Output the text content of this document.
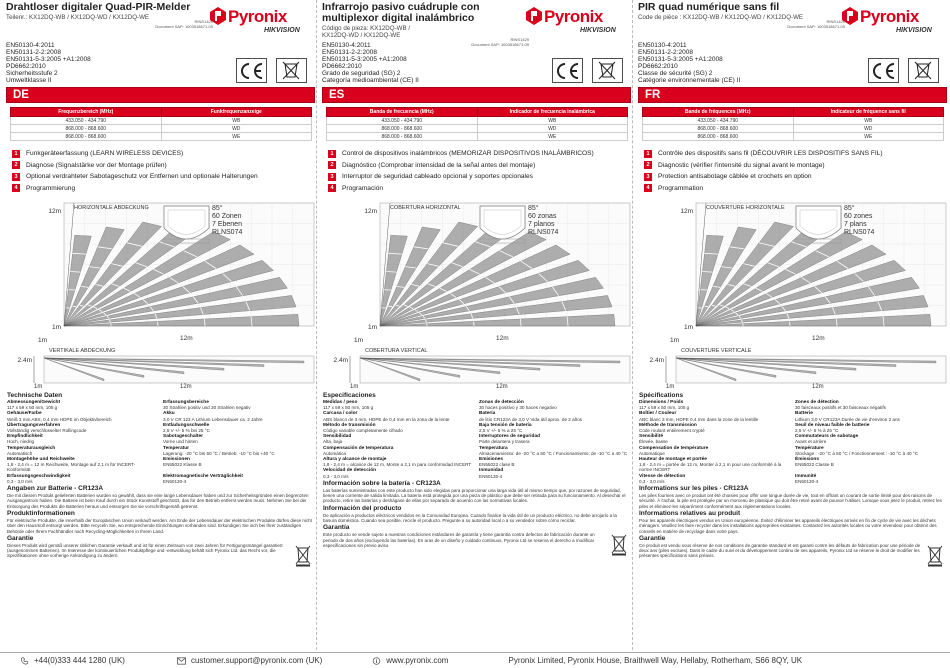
Drahtloser digitaler Quad-PIR-Melder
Teilenr.: KX12DQ-WB / KX12DQ-WD / KX12DQ-WE
RINS1429
Document SAP: 1003518671-09
Pyronix
HIKVISION
EN50130-4:2011
EN50131-2-2:2008
EN50131-5-3:2005 +A1:2008
PD6662:2010
Sicherheitsstufe 2
Umweltklasse II
DE
Frequenzbereich (MHz)	Funkfrequenzanzeige
433.050 - 434.790	WB
868.000 - 868.600	WD
868.000 - 868.600	WE
1	Funkgeräteerfassung (LEARN WIRELESS DEVICES)
2	Diagnose (Signalstärke vor der Montage prüfen)
3	Optional verdrahteter Sabotageschutz vor Entfernen und optionale Halterungen
4	Programmierung
HORIZONTALE ABDECKUNG	85°
60 Zonen
7 Ebenen
RLNS074
12m
1m
1m	12m
VERTIKALE ABDECKUNG
2.4m
1m	12m
Technische Daten
Abmessungen/Gewicht
117 x 59 x 50 mm, 105 g
Erfassungsbereiche
30 Strahlen positiv und 30 Strahlen negativ
Gehäuse/Farbe
Weiß 3 mm ABS, 0,4 mm HDPE im Objektivbereich
Akku
3,0 V CR 123 A Lithium Lebensdauer ca. 2 Jahre
Übertragungsverfahren
Vollständig verschlüsselter Rollingcode
Entladungsschwelle
2,5 V +/- 5 % bei 25 °C
Empfindlichkeit
Hoch, niedrig
Sabotageschalter
Vorne und hinten
Temperaturausgleich
Automatisch
Temperatur
Lagerung: -20 °C bis 50 °C / Betrieb: -10 °C bis +40 °C
Montagehöhe und Reichweite
1,8 - 2,4 m = 12 m Reichweite, Montage auf 2,1 m für INCERT-Konformität
Emissionen
EN55022 Klasse B
Erfassungsgeschwindigkeit
0,3 - 3,0 m/s
Elektromagnetische Verträglichkeit
EN50130-4
Angaben zur Batterie - CR123A
Die mit diesem Produkt gelieferten Batterien wurden so gewählt, dass sie eine lange Lebensdauer haben und zur Sicherheitsgründen einen begrenzten Ausgangsstrom haben. Die Batterie ist beim Kauf durch ein Stück Kunststoff geschützt, das für den Betrieb entfernt werden muss. Nehmen Sie bei der Entsorgung des Produkts die Batterien heraus und entsorgen Sie sie vorschriftsgemäß getrennt.
Produktinformationen
Für elektrische Produkte, die innerhalb der Europäischen Union verkauft werden. Am Ende der Lebensdauer der elektrischen Produkte dürfen diese nicht über den Hausmüll entsorgt werden. Bitte recyceln Sie, wo entsprechende Einrichtungen vorhanden sind. Erkundigen Sie sich bei Ihrer zuständigen Behörde oder Ihrem Fachhändler nach Recycling-Möglichkeiten in Ihrem Land.
Garantie
Dieses Produkt wird gemäß unserer üblichen Garantie verkauft und ist für einen Zeitraum von zwei Jahren für Fertigungsmängel garantiert (ausgenommen Batterien). Im Interesse der kontinuierlichen Produktpflege und -entwicklung behält sich Pyronix Ltd. das Recht vor, die Spezifikationen ohne vorherige Ankündigung zu ändern.
Infrarrojo pasivo cuádruple con multiplexor digital inalámbrico
Código de pieza: KX12DQ-WB /
KX12DQ-WD / KX12DQ-WE
RINS1429
Document SAP: 1003518671-09
Pyronix
HIKVISION
EN50130-4:2011
EN50131-2-2:2008
EN50131-5-3:2005 +A1:2008
PD6662:2010
Grado de seguridad (SG) 2
Categoría medioambiental (CE) II
ES
Banda de frecuencia (MHz)	Indicador de frecuencia inalámbrica
433.050 - 434.790	WB
868.000 - 868.600	WD
868.000 - 868.600	WE
1	Control de dispositivos inalámbricos (MEMORIZAR DISPOSITIVOS INALÁMBRICOS)
2	Diagnóstico (Comprobar intensidad de la señal antes del montaje)
3	Interruptor de seguridad cableado opcional y soportes opcionales
4	Programación
COBERTURA HORIZONTAL	85°
60 zonas
7 planos
RLNS074
12m
1m
1m	12m
COBERTURA VERTICAL
2.4m
1m	12m
Especificaciones
Medidas / peso
117 x 59 x 50 mm, 105 g
Zonas de detección
30 haces positivo y 30 haces negativo
Carcasa / color
ABS blanco de 3 mm, HDPE de 0,4 mm en la zona de la lente
Batería
de litio CR123A de 3,0 V Vida útil aprox. de 2 años
Método de transmisión
Código variable completamente cifrado
Baja tensión de batería
2,5 V +/- 5 % a 25 °C
Sensibilidad
Alta, baja
Interruptores de seguridad
Parte delantera y trasera
Compensación de temperatura
Automática
Temperatura
Almacenamiento: de -20 °C a 50 °C / Funcionamiento: de -10 °C a 40 °C
Altura y alcance de montaje
1,8 - 2,4 m = alcance de 12 m, Monte a 2,1 m para conformidad INCERT
Emisiones
EN55022 clase B
Velocidad de detección
0,3 - 3,0 m/s
Inmunidad
EN50130-4
Información sobre la batería - CR123A
Las baterías suministradas con este producto han sido elegidas para proporcionar una larga vida útil al mismo tiempo que, por razones de seguridad, tienen una corriente de salida limitada. La batería está protegida por una pieza de plástico que debe ser retirada para su funcionamiento. Al desechar el producto, retire las baterías y deshágase de ellas por separado de acuerdo con las normativas locales.
Información del producto
De aplicación a productos eléctricos vendidos en la Comunidad Europea. Cuando finalice la vida útil de un producto eléctrico, no debe arrojarlo a la basura doméstica. Cuando sea posible, recicle el producto. Pregunte a su autoridad local o a su vendedor sobre cómo reciclar.
Garantía
Este producto se vende sujeto a nuestras condiciones estándares de garantía y tiene garantía contra defectos de fabricación durante un periodo de dos años (excluyendo las baterías). En aras de un diseño y cuidado continuos, Pyronix Ltd se reserva el derecho a modificar especificaciones sin previo aviso.
PIR quad numérique sans fil
Code de pièce : KX12DQ-WB / KX12DQ-WD / KX12DQ-WE
RINS1429
Document SAP: 1003518671-09
Pyronix
HIKVISION
EN50130-4:2011
EN50131-2-2:2008
EN50131-5-3:2005 +A1:2008
PD6662:2010
Classe de sécurité (SG) 2
Catégorie environnementale (CE) II
FR
Bande de fréquences (MHz)	Indicateur de fréquence sans fil
433.050 - 434.790	WB
868.000 - 868.600	WD
868.000 - 868.600	WE
1	Contrôle des dispositifs sans fil (DÉCOUVRIR LES DISPOSITIFS SANS FIL)
2	Diagnostic (vérifier l'intensité du signal avant le montage)
3	Protection antisabotage câblée et crochets en option
4	Programmation
COUVERTURE HORIZONTALE	85°
60 zones
7 plans
RLNS074
12m
1m
1m	12m
COUVERTURE VERTICALE
2.4m
1m	12m
Spécifications
Dimensions / Poids
117 x 59 x 50 mm, 105 g
Zones de détection
30 faisceaux positifs et 30 faisceaux négatifs
Boîtier / Couleur
ABC blanc 3 mm, HDPE 0,4 mm dans la zone de la lentille
Batterie
Lithium 3,0 V CR123A Durée de vie d'environ 2 ans
Méthode de transmission
Code roulant entièrement crypté
Seuil de niveau faible de batterie
2,5 V +/- 5 % à 25 °C
Sensibilité
Élevée, basse
Commutateurs de sabotage
Avant et arrière
Compensation de température
Automatique
Température
Stockage : -20 °C à 50 °C / Fonctionnement : -10 °C à 40 °C
Hauteur de montage et portée
1,8 - 2,4 m = portée de 12 m, Monter à 2,1 m pour une conformité à la norme INCERT
Émissions
EN55022 Classe B
Vitesse de détection
0,3 - 3,0 m/s
Immunité
EN50130-4
Informations sur les piles - CR123A
Les piles fournies avec ce produit ont été choisies pour offrir une longue durée de vie, tout en offrant un courant de sortie limité pour des raisons de sécurité. À l'achat, la pile est protégée par un morceau de plastique qui doit être retiré avant de pouvoir l'utiliser. Lorsque vous jetez le produit, retirez les piles et éliminez-les séparément conformément aux réglementations locales.
Informations relatives au produit
Pour les appareils électriques vendus en Union européenne. Évitez d'éliminer les appareils électriques arrivés en fin de cycle de vie avec les déchets ménagers. Veuillez les faire recycler dans les installations appropriées existantes. Contactez les autorités locales ou votre revendeur pour obtenir des conseils en matière de recyclage dans votre pays.
Garantie
Ce produit est vendu sous réserve de nos conditions de garantie standard et est garanti contre les défauts de fabrication pour une période de deux ans (piles exclues). Dans le cadre du suivi et du développement continu de ses appareils, Pyronix Ltd se réserve le droit de modifier les présentes spécifications sans préavis.
+44(0)333 444 1280 (UK)	customer.support@pyronix.com (UK)	www.pyronix.com	Pyronix Limited, Pyronix House, Braithwell Way, Hellaby, Rotherham, S66 8QY, UK
